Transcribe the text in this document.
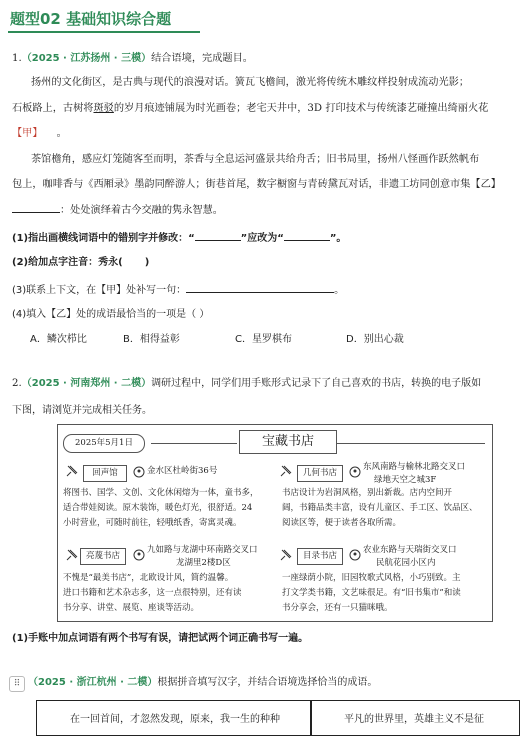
题型02 基础知识综合题
1.（2025 · 江苏扬州 · 三模）结合语境，完成题目。
扬州的文化街区，是古典与现代的浪漫对话。簧瓦飞檐间，激光将传统木雕纹样投射成流动光影；
石板路上，古树将斑驳的岁月痕迹铺展为时光画卷；老宅天井中，3D 打印技术与传统漆艺碰撞出绮丽火花
【甲】 。
茶馆檐角，感应灯笼随客至而明，茶香与全息运河盛景共给舟舌；旧书局里，扬州八怪画作跃然帆布
包上，咖啡香与《西厢录》墨韵同醉游人；街巷首尾，数字橱窗与青砖黛瓦对话，非遗工坊同创意市集【乙】
：处处演绎着古今交融的隽永智慧。
(1)指出画横线词语中的错别字并修改：“	”应改为“	”。
(2)给加点字注音：秀永( )
(3)联系上下文，在【甲】处补写一句：	。
(4)填入【乙】处的成语最恰当的一项是（ ）
A．鳞次栉比	B．相得益彰	C．星罗棋布	D．别出心裁
2.（2025 · 河南郑州 · 二模）调研过程中，同学们用手账形式记录下了自己喜欢的书店，转换的电子版如
下图，请浏览并完成相关任务。
2025年5月1日	宝藏书店
回声馆	金水区杜岭街36号
将图书、国学、文创、文化休闲熔为一体，童书多，
适合带娃阅读。原木装饰，暖色灯光，很舒适。24
小时营业，可随时前往，轻哦纸香，寄寓灵魂。
几何书店
东风南路与榆林北路交叉口
绿地天空之城3F
书店设计为岩洞风格，别出新裁。店内空间开
阔，书籍品类丰富，设有儿童区、手工区、饮品区、
阅读区等，便于读者各取所需。
亮蔑书店
九如路与龙湖中环南路交叉口
龙湖里2楼D区
不愧是“最美书店”，北欧设计风，简约温馨。
进口书籍和艺术杂志多，这一点很特别，还有读
书分享、讲堂、展览、座谈等活动。
目录书店
农业东路与天瑞街交叉口
民航花园小区内
一座绿荫小院，旧园牧歌式风格，小巧别致。主
打文学类书籍，文艺味很足。有“旧书集市”和读
书分享会，还有一只猫咪哦。
(1)手账中加点词语有两个书写有误，请把试两个词正确书写一遍。
⠿ （2025 · 浙江杭州 · 二模）根据拼音填写汉字，并结合语境选择恰当的成语。
在一回首间，才忽然发现，原来，我一生的种种	平凡的世界里，英雄主义不是征
